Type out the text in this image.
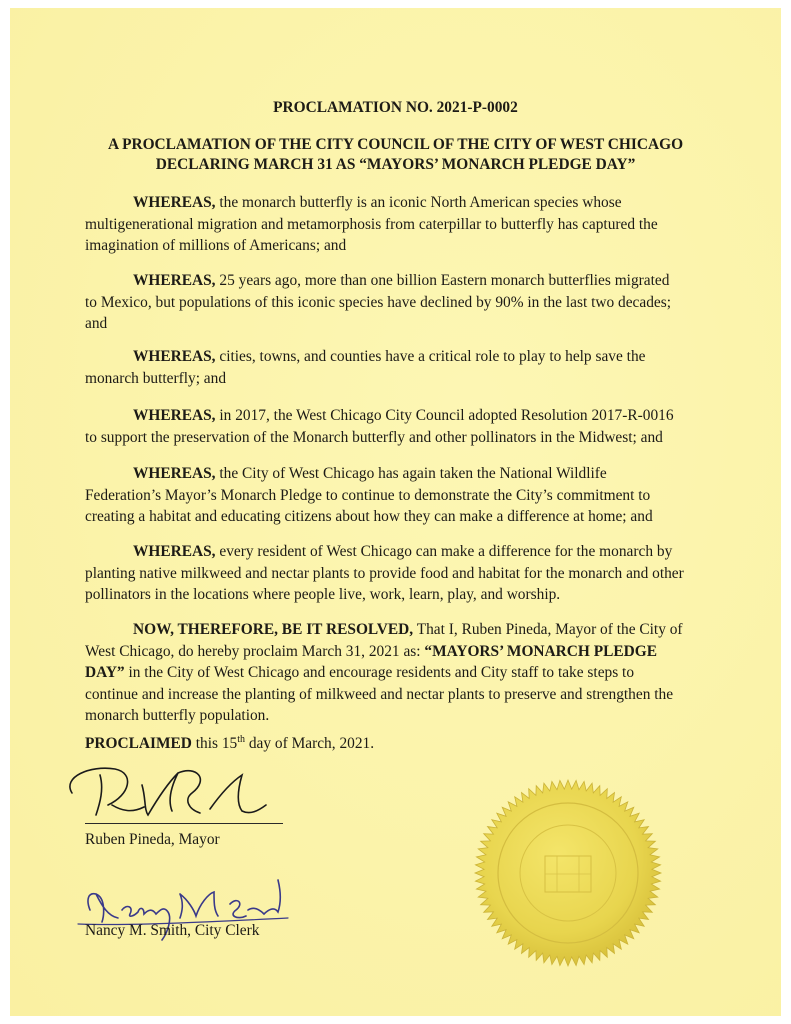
PROCLAMATION NO. 2021-P-0002
A PROCLAMATION OF THE CITY COUNCIL OF THE CITY OF WEST CHICAGO
DECLARING MARCH 31 AS “MAYORS’ MONARCH PLEDGE DAY”
WHEREAS, the monarch butterfly is an iconic North American species whose multigenerational migration and metamorphosis from caterpillar to butterfly has captured the imagination of millions of Americans; and
WHEREAS, 25 years ago, more than one billion Eastern monarch butterflies migrated to Mexico, but populations of this iconic species have declined by 90% in the last two decades; and
WHEREAS, cities, towns, and counties have a critical role to play to help save the monarch butterfly; and
WHEREAS, in 2017, the West Chicago City Council adopted Resolution 2017-R-0016 to support the preservation of the Monarch butterfly and other pollinators in the Midwest; and
WHEREAS, the City of West Chicago has again taken the National Wildlife Federation’s Mayor’s Monarch Pledge to continue to demonstrate the City’s commitment to creating a habitat and educating citizens about how they can make a difference at home; and
WHEREAS, every resident of West Chicago can make a difference for the monarch by planting native milkweed and nectar plants to provide food and habitat for the monarch and other pollinators in the locations where people live, work, learn, play, and worship.
NOW, THEREFORE, BE IT RESOLVED, That I, Ruben Pineda, Mayor of the City of West Chicago, do hereby proclaim March 31, 2021 as: “MAYORS’ MONARCH PLEDGE DAY” in the City of West Chicago and encourage residents and City staff to take steps to continue and increase the planting of milkweed and nectar plants to preserve and strengthen the monarch butterfly population.
PROCLAIMED this 15th day of March, 2021.
Ruben Pineda, Mayor
Nancy M. Smith, City Clerk
